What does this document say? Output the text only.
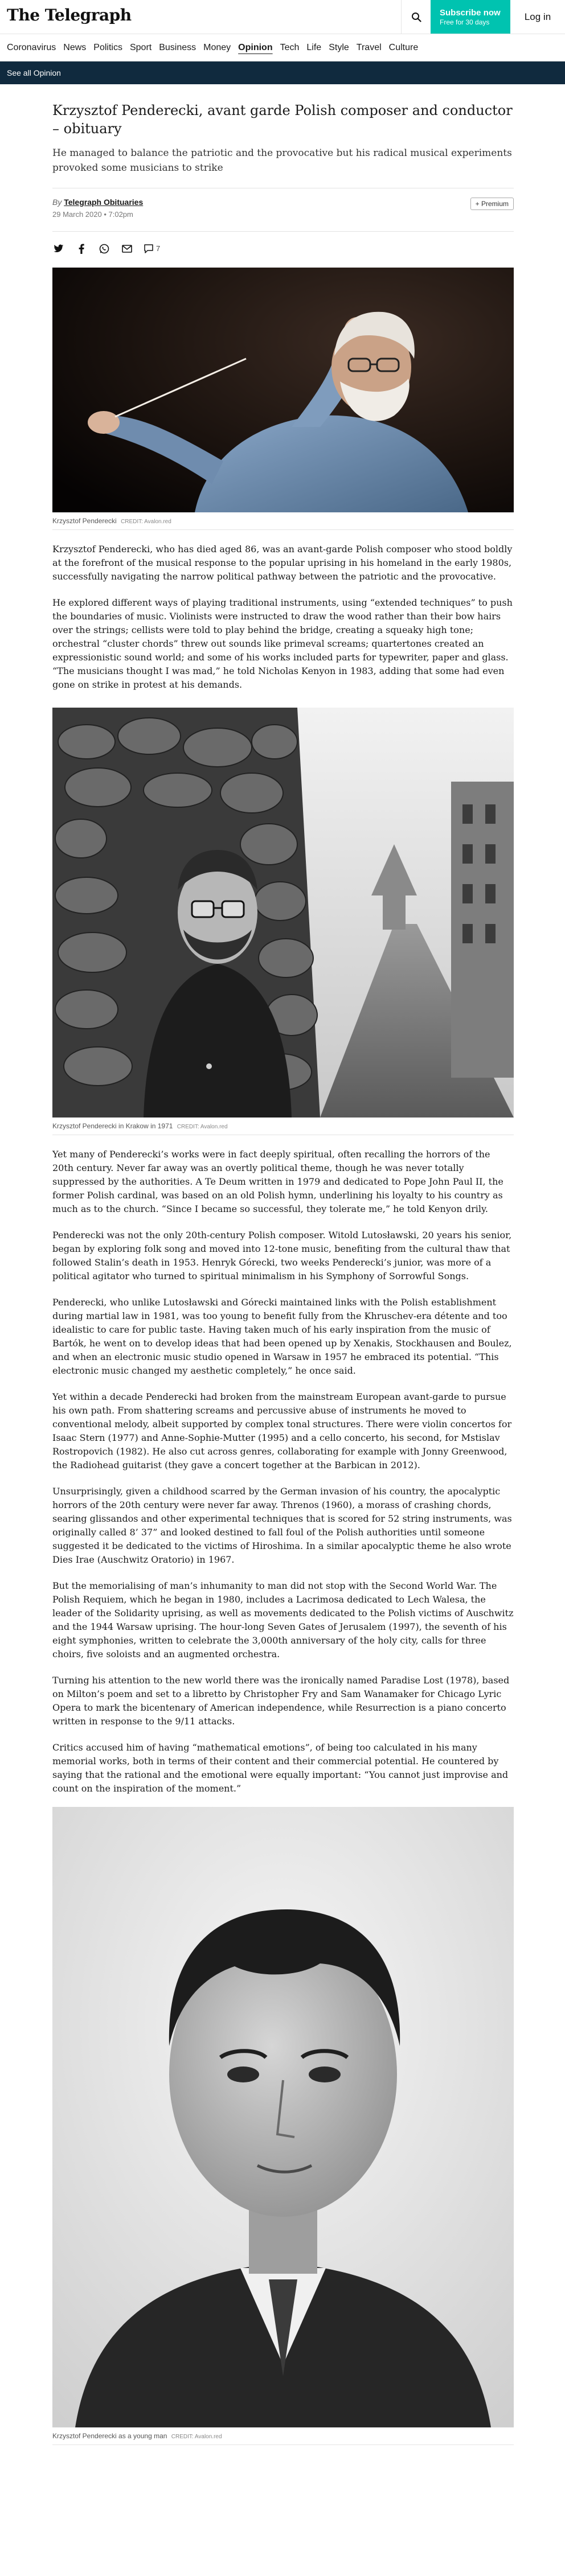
The Telegraph	Subscribe now
Free for 30 days	Log in
Coronavirus News Politics Sport Business Money Opinion Tech Life Style Travel Culture
See all Opinion
Krzysztof Penderecki, avant garde Polish composer and conductor – obituary

He managed to balance the patriotic and the provocative but his radical musical experiments provoked some musicians to strike

By Telegraph Obituaries
29 March 2020 • 7:02pm
+ Premium
7
Krzysztof Penderecki CREDIT: Avalon.red

Krzysztof Penderecki, who has died aged 86, was an avant-garde Polish composer who stood boldly at the forefront of the musical response to the popular uprising in his homeland in the early 1980s, successfully navigating the narrow political pathway between the patriotic and the provocative.

He explored different ways of playing traditional instruments, using “extended techniques” to push the boundaries of music. Violinists were instructed to draw the wood rather than their bow hairs over the strings; cellists were told to play behind the bridge, creating a squeaky high tone; orchestral “cluster chords” threw out sounds like primeval screams; quartertones created an expressionistic sound world; and some of his works included parts for typewriter, paper and glass. “The musicians thought I was mad,” he told Nicholas Kenyon in 1983, adding that some had even gone on strike in protest at his demands.

Krzysztof Penderecki in Krakow in 1971 CREDIT: Avalon.red

Yet many of Penderecki’s works were in fact deeply spiritual, often recalling the horrors of the 20th century. Never far away was an overtly political theme, though he was never totally suppressed by the authorities. A Te Deum written in 1979 and dedicated to Pope John Paul II, the former Polish cardinal, was based on an old Polish hymn, underlining his loyalty to his country as much as to the church. “Since I became so successful, they tolerate me,” he told Kenyon drily.

Penderecki was not the only 20th-century Polish composer. Witold Lutosławski, 20 years his senior, began by exploring folk song and moved into 12-tone music, benefiting from the cultural thaw that followed Stalin’s death in 1953. Henryk Górecki, two weeks Penderecki’s junior, was more of a political agitator who turned to spiritual minimalism in his Symphony of Sorrowful Songs.

Penderecki, who unlike Lutosławski and Górecki maintained links with the Polish establishment during martial law in 1981, was too young to benefit fully from the Khruschev-era détente and too idealistic to care for public taste. Having taken much of his early inspiration from the music of Bartók, he went on to develop ideas that had been opened up by Xenakis, Stockhausen and Boulez, and when an electronic music studio opened in Warsaw in 1957 he embraced its potential. “This electronic music changed my aesthetic completely,” he once said.

Yet within a decade Penderecki had broken from the mainstream European avant-garde to pursue his own path. From shattering screams and percussive abuse of instruments he moved to conventional melody, albeit supported by complex tonal structures. There were violin concertos for Isaac Stern (1977) and Anne-Sophie-Mutter (1995) and a cello concerto, his second, for Mstislav Rostropovich (1982). He also cut across genres, collaborating for example with Jonny Greenwood, the Radiohead guitarist (they gave a concert together at the Barbican in 2012).

Unsurprisingly, given a childhood scarred by the German invasion of his country, the apocalyptic horrors of the 20th century were never far away. Threnos (1960), a morass of crashing chords, searing glissandos and other experimental techniques that is scored for 52 string instruments, was originally called 8’ 37” and looked destined to fall foul of the Polish authorities until someone suggested it be dedicated to the victims of Hiroshima. In a similar apocalyptic theme he also wrote Dies Irae (Auschwitz Oratorio) in 1967.

But the memorialising of man’s inhumanity to man did not stop with the Second World War. The Polish Requiem, which he began in 1980, includes a Lacrimosa dedicated to Lech Walesa, the leader of the Solidarity uprising, as well as movements dedicated to the Polish victims of Auschwitz and the 1944 Warsaw uprising. The hour-long Seven Gates of Jerusalem (1997), the seventh of his eight symphonies, written to celebrate the 3,000th anniversary of the holy city, calls for three choirs, five soloists and an augmented orchestra.

Turning his attention to the new world there was the ironically named Paradise Lost (1978), based on Milton’s poem and set to a libretto by Christopher Fry and Sam Wanamaker for Chicago Lyric Opera to mark the bicentenary of American independence, while Resurrection is a piano concerto written in response to the 9/11 attacks.

Critics accused him of having “mathematical emotions”, of being too calculated in his many memorial works, both in terms of their content and their commercial potential. He countered by saying that the rational and the emotional were equally important: “You cannot just improvise and count on the inspiration of the moment.”

Krzysztof Penderecki as a young man CREDIT: Avalon.red
